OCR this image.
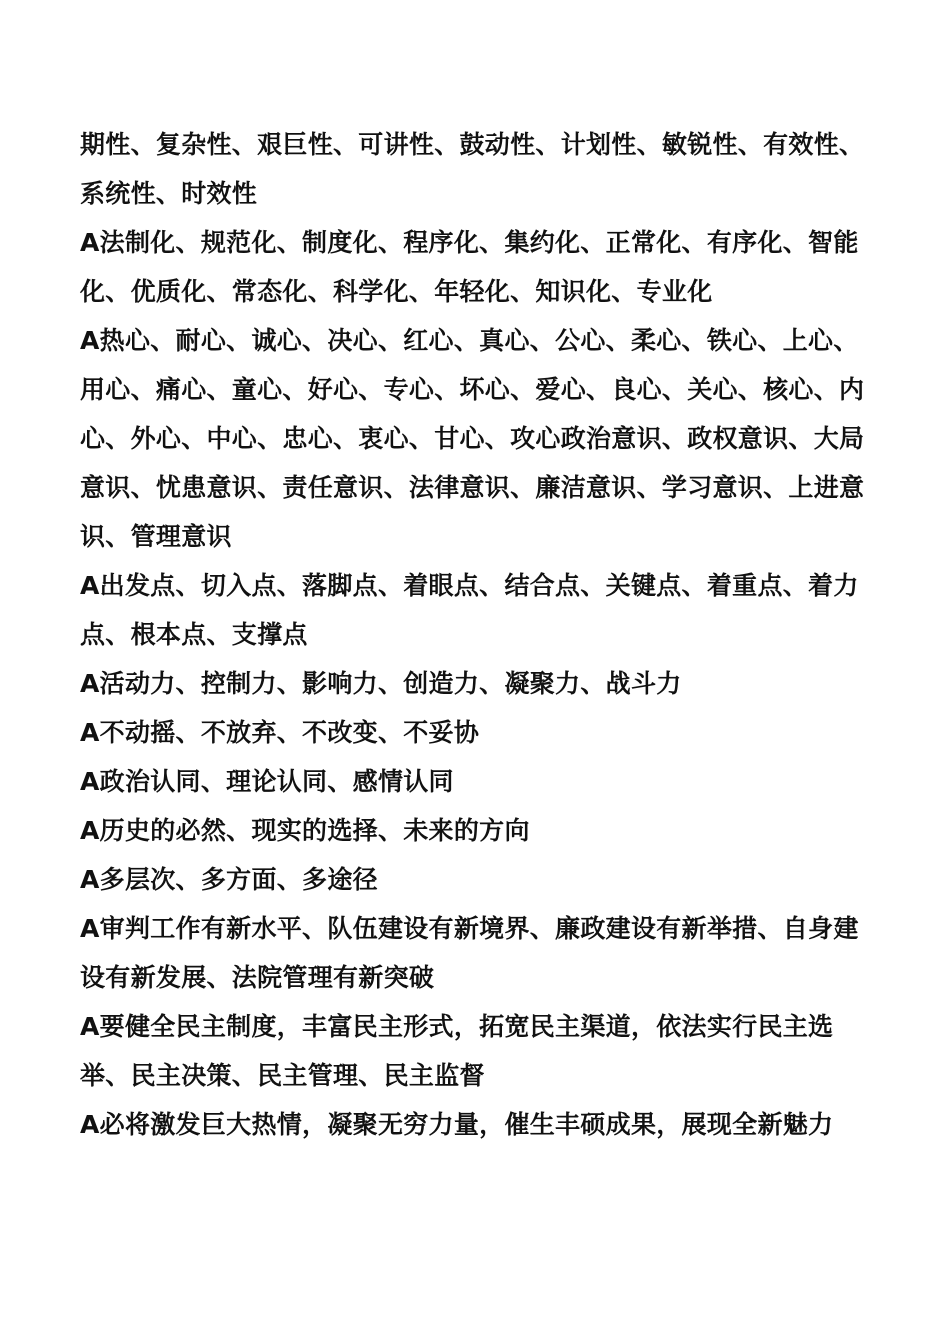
期性、复杂性、艰巨性、可讲性、鼓动性、计划性、敏锐性、有效性、系统性、时效性

A法制化、规范化、制度化、程序化、集约化、正常化、有序化、智能化、优质化、常态化、科学化、年轻化、知识化、专业化

A热心、耐心、诚心、决心、红心、真心、公心、柔心、铁心、上心、用心、痛心、童心、好心、专心、坏心、爱心、良心、关心、核心、内心、外心、中心、忠心、衷心、甘心、攻心政治意识、政权意识、大局意识、忧患意识、责任意识、法律意识、廉洁意识、学习意识、上进意识、管理意识

A出发点、切入点、落脚点、着眼点、结合点、关键点、着重点、着力点、根本点、支撑点

A活动力、控制力、影响力、创造力、凝聚力、战斗力

A不动摇、不放弃、不改变、不妥协

A政治认同、理论认同、感情认同

A历史的必然、现实的选择、未来的方向

A多层次、多方面、多途径

A审判工作有新水平、队伍建设有新境界、廉政建设有新举措、自身建设有新发展、法院管理有新突破

A要健全民主制度，丰富民主形式，拓宽民主渠道，依法实行民主选举、民主决策、民主管理、民主监督

A必将激发巨大热情，凝聚无穷力量，催生丰硕成果，展现全新魅力
